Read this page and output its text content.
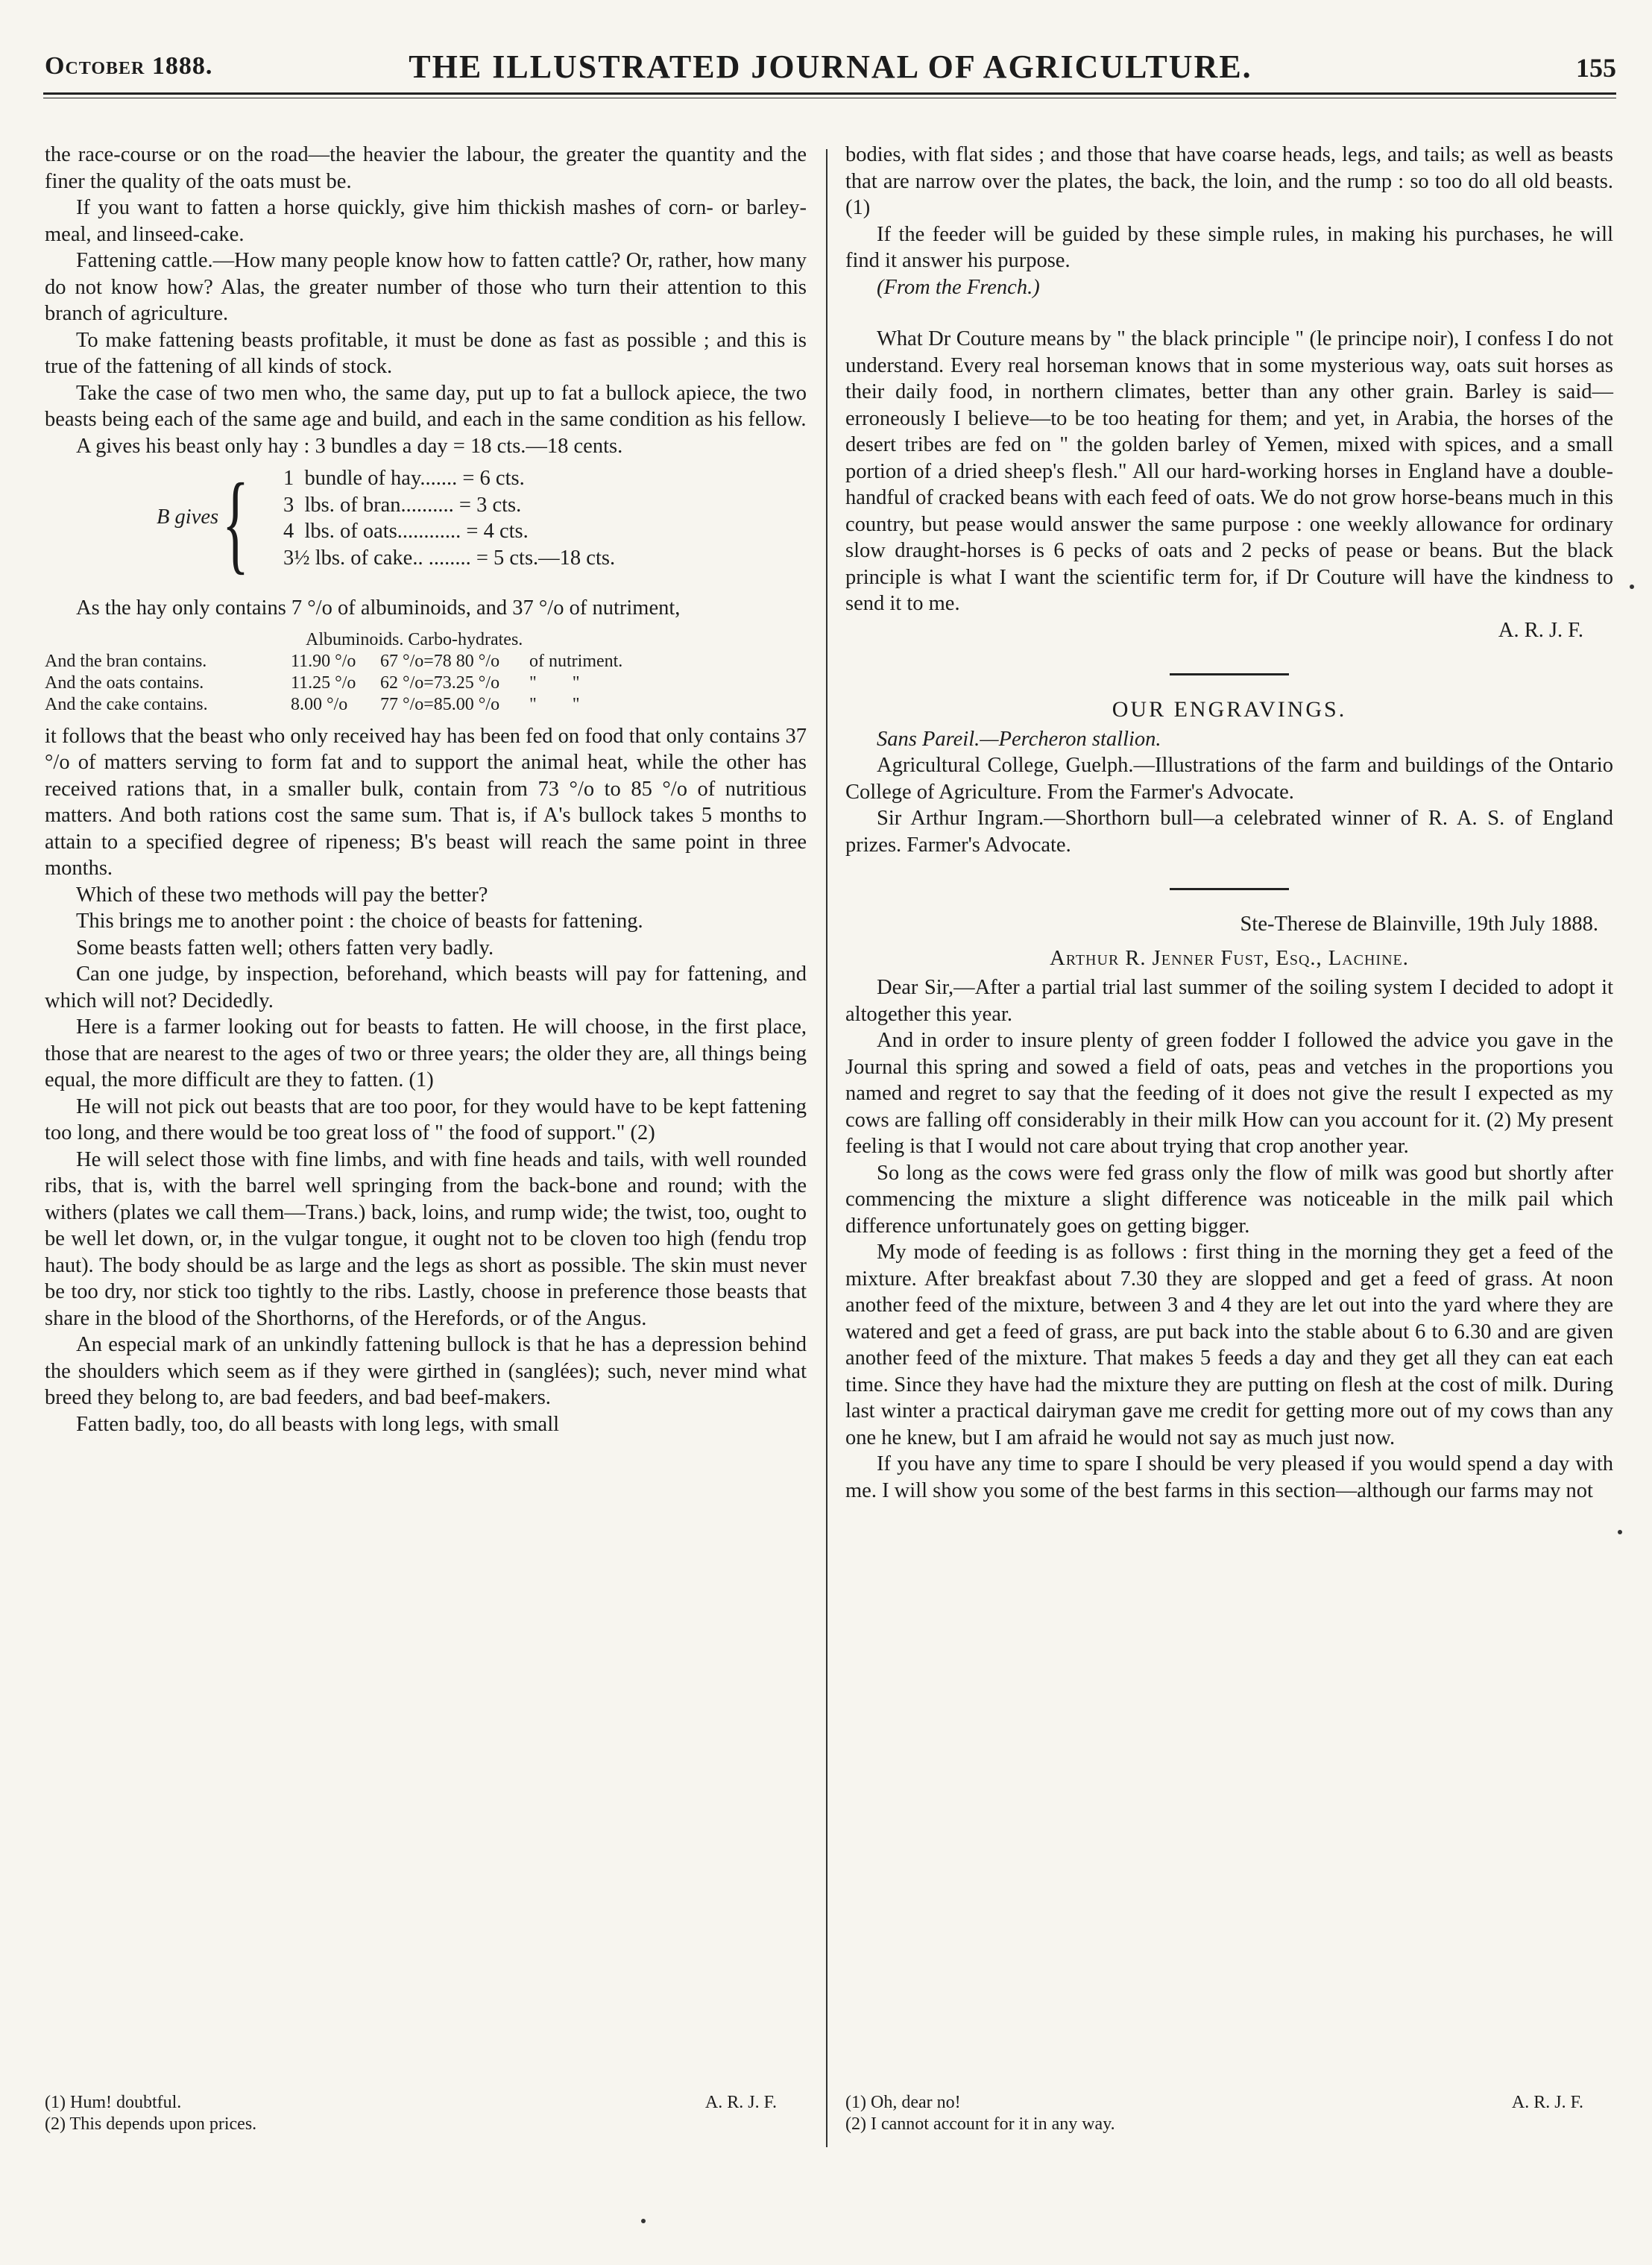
October 1888.	THE ILLUSTRATED JOURNAL OF AGRICULTURE.	155

the race-course or on the road—the heavier the labour, the greater the quantity and the finer the quality of the oats must be.

If you want to fatten a horse quickly, give him thickish mashes of corn- or barley-meal, and linseed-cake.

Fattening cattle.—How many people know how to fatten cattle? Or, rather, how many do not know how? Alas, the greater number of those who turn their attention to this branch of agriculture.

To make fattening beasts profitable, it must be done as fast as possible ; and this is true of the fattening of all kinds of stock.

Take the case of two men who, the same day, put up to fat a bullock apiece, the two beasts being each of the same age and build, and each in the same condition as his fellow.

A gives his beast only hay : 3 bundles a day = 18 cts.—18 cents.

B gives { 1  bundle of hay....... = 6 cts.
3  lbs. of bran.......... = 3 cts.
4  lbs. of oats............ = 4 cts.
3½ lbs. of cake.. ........ = 5 cts.—18 cts.

As the hay only contains 7 °/o of albuminoids, and 37 °/o of nutriment,

Albuminoids. Carbo-hydrates.
And the bran contains.	11.90 °/o	67 °/o=78 80 °/o	of nutriment.
And the oats contains.	11.25 °/o	62 °/o=73.25 °/o	"        "
And the cake contains.	8.00 °/o	77 °/o=85.00 °/o	"        "

it follows that the beast who only received hay has been fed on food that only contains 37 °/o of matters serving to form fat and to support the animal heat, while the other has received rations that, in a smaller bulk, contain from 73 °/o to 85 °/o of nutritious matters. And both rations cost the same sum. That is, if A's bullock takes 5 months to attain to a specified degree of ripeness; B's beast will reach the same point in three months.

Which of these two methods will pay the better?

This brings me to another point : the choice of beasts for fattening.

Some beasts fatten well; others fatten very badly.

Can one judge, by inspection, beforehand, which beasts will pay for fattening, and which will not? Decidedly.

Here is a farmer looking out for beasts to fatten. He will choose, in the first place, those that are nearest to the ages of two or three years; the older they are, all things being equal, the more difficult are they to fatten. (1)

He will not pick out beasts that are too poor, for they would have to be kept fattening too long, and there would be too great loss of " the food of support." (2)

He will select those with fine limbs, and with fine heads and tails, with well rounded ribs, that is, with the barrel well springing from the back-bone and round; with the withers (plates we call them—Trans.) back, loins, and rump wide; the twist, too, ought to be well let down, or, in the vulgar tongue, it ought not to be cloven too high (fendu trop haut). The body should be as large and the legs as short as possible. The skin must never be too dry, nor stick too tightly to the ribs. Lastly, choose in preference those beasts that share in the blood of the Shorthorns, of the Herefords, or of the Angus.

An especial mark of an unkindly fattening bullock is that he has a depression behind the shoulders which seem as if they were girthed in (sanglées); such, never mind what breed they belong to, are bad feeders, and bad beef-makers.

Fatten badly, too, do all beasts with long legs, with small

bodies, with flat sides ; and those that have coarse heads, legs, and tails; as well as beasts that are narrow over the plates, the back, the loin, and the rump : so too do all old beasts. (1)

If the feeder will be guided by these simple rules, in making his purchases, he will find it answer his purpose.

(From the French.)

What Dr Couture means by " the black principle " (le principe noir), I confess I do not understand. Every real horseman knows that in some mysterious way, oats suit horses as their daily food, in northern climates, better than any other grain. Barley is said—erroneously I believe—to be too heating for them; and yet, in Arabia, the horses of the desert tribes are fed on " the golden barley of Yemen, mixed with spices, and a small portion of a dried sheep's flesh." All our hard-working horses in England have a double-handful of cracked beans with each feed of oats. We do not grow horse-beans much in this country, but pease would answer the same purpose : one weekly allowance for ordinary slow draught-horses is 6 pecks of oats and 2 pecks of pease or beans. But the black principle is what I want the scientific term for, if Dr Couture will have the kindness to send it to me.

A. R. J. F.
OUR ENGRAVINGS.

Sans Pareil.—Percheron stallion.

Agricultural College, Guelph.—Illustrations of the farm and buildings of the Ontario College of Agriculture. From the Farmer's Advocate.

Sir Arthur Ingram.—Shorthorn bull—a celebrated winner of R. A. S. of England prizes. Farmer's Advocate.

Ste-Therese de Blainville, 19th July 1888.
Arthur R. Jenner Fust, Esq., Lachine.

Dear Sir,—After a partial trial last summer of the soiling system I decided to adopt it altogether this year.

And in order to insure plenty of green fodder I followed the advice you gave in the Journal this spring and sowed a field of oats, peas and vetches in the proportions you named and regret to say that the feeding of it does not give the result I expected as my cows are falling off considerably in their milk How can you account for it. (2) My present feeling is that I would not care about trying that crop another year.

So long as the cows were fed grass only the flow of milk was good but shortly after commencing the mixture a slight difference was noticeable in the milk pail which difference unfortunately goes on getting bigger.

My mode of feeding is as follows : first thing in the morning they get a feed of the mixture. After breakfast about 7.30 they are slopped and get a feed of grass. At noon another feed of the mixture, between 3 and 4 they are let out into the yard where they are watered and get a feed of grass, are put back into the stable about 6 to 6.30 and are given another feed of the mixture. That makes 5 feeds a day and they get all they can eat each time. Since they have had the mixture they are putting on flesh at the cost of milk. During last winter a practical dairyman gave me credit for getting more out of my cows than any one he knew, but I am afraid he would not say as much just now.

If you have any time to spare I should be very pleased if you would spend a day with me. I will show you some of the best farms in this section—although our farms may not

(1) Hum! doubtful.	A. R. J. F.
(2) This depends upon prices.
(1) Oh, dear no!	A. R. J. F.
(2) I cannot account for it in any way.
